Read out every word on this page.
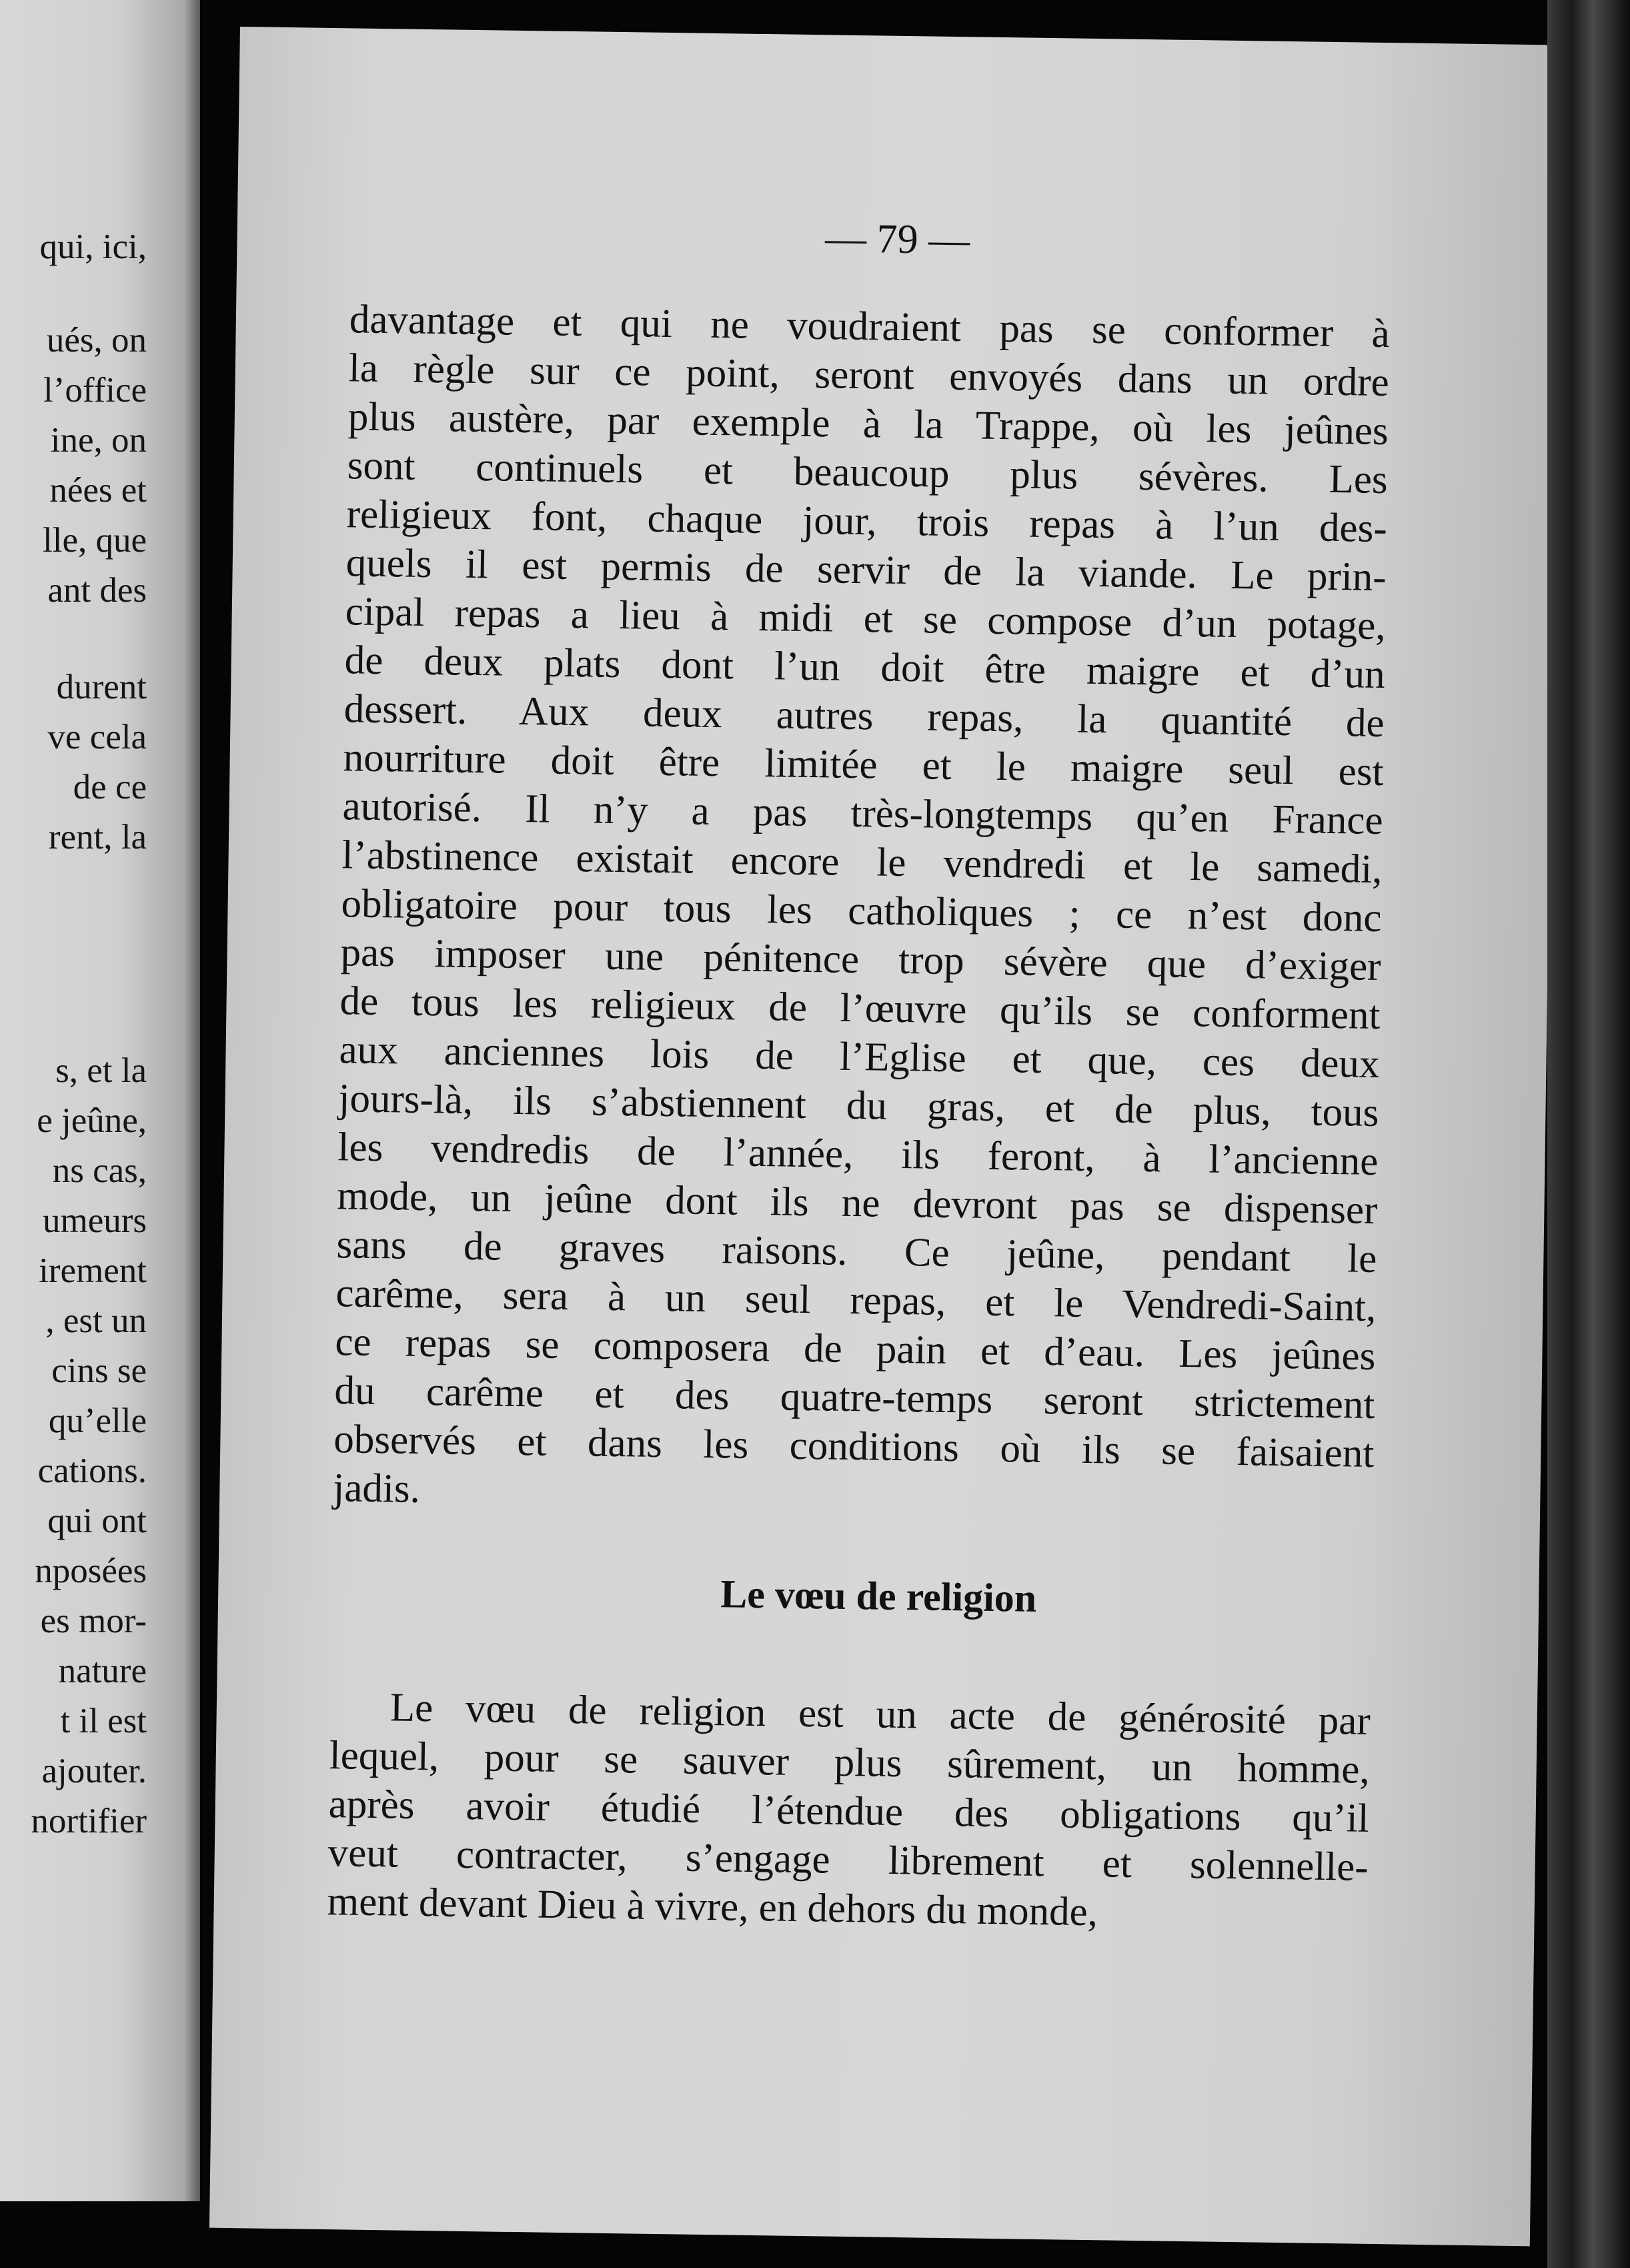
qui, ici,
ués, on
l’office
ine, on
nées et
lle, que
ant des
durent
ve cela
de ce
rent, la
s, et la
e jeûne,
ns cas,
umeurs
irement
, est un
cins se
qu’elle
cations.
qui ont
nposées
es mor-
nature
t il est
ajouter.
nortifier
— 79 —
davantage et qui ne voudraient pas se conformer à
la règle sur ce point, seront envoyés dans un ordre
plus austère, par exemple à la Trappe, où les jeûnes
sont continuels et beaucoup plus sévères. Les
religieux font, chaque jour, trois repas à l’un des-
quels il est permis de servir de la viande. Le prin-
cipal repas a lieu à midi et se compose d’un potage,
de deux plats dont l’un doit être maigre et d’un
dessert. Aux deux autres repas, la quantité de
nourriture doit être limitée et le maigre seul est
autorisé. Il n’y a pas très-longtemps qu’en France
l’abstinence existait encore le vendredi et le samedi,
obligatoire pour tous les catholiques ; ce n’est donc
pas imposer une pénitence trop sévère que d’exiger
de tous les religieux de l’œuvre qu’ils se conforment
aux anciennes lois de l’Eglise et que, ces deux
jours-là, ils s’abstiennent du gras, et de plus, tous
les vendredis de l’année, ils feront, à l’ancienne
mode, un jeûne dont ils ne devront pas se dispenser
sans de graves raisons. Ce jeûne, pendant le
carême, sera à un seul repas, et le Vendredi-Saint,
ce repas se composera de pain et d’eau. Les jeûnes
du carême et des quatre-temps seront strictement
observés et dans les conditions où ils se faisaient
jadis.
Le vœu de religion
Le vœu de religion est un acte de générosité par
lequel, pour se sauver plus sûrement, un homme,
après avoir étudié l’étendue des obligations qu’il
veut contracter, s’engage librement et solennelle-
ment devant Dieu à vivre, en dehors du monde,
